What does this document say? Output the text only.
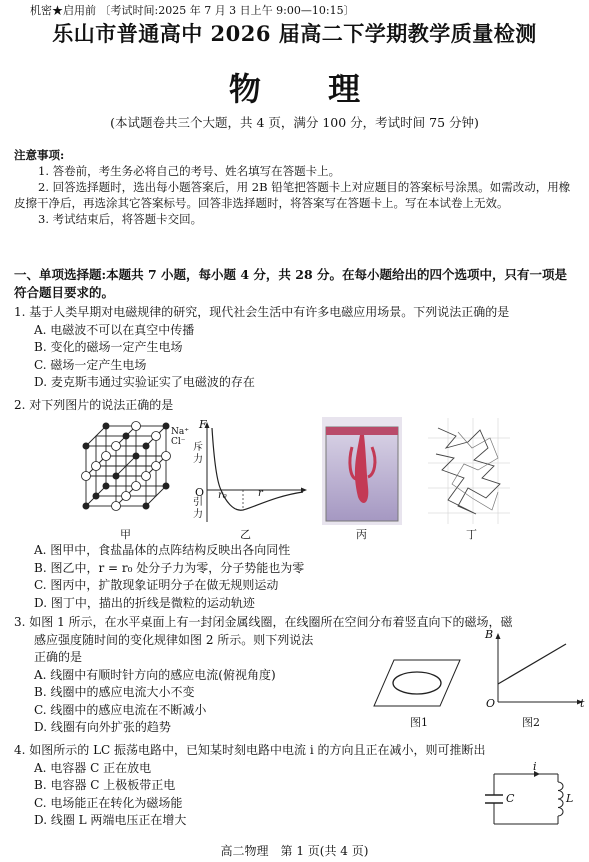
机密★启用前 〔考试时间:2025 年 7 月 3 日上午 9:00—10:15〕
乐山市普通高中 2026 届高二下学期教学质量检测
物 理
(本试题卷共三个大题，共 4 页，满分 100 分，考试时间 75 分钟)
注意事项:
1. 答卷前，考生务必将自己的考号、姓名填写在答题卡上。
2. 回答选择题时，选出每小题答案后，用 2B 铅笔把答题卡上对应题目的答案标号涂黑。如需改动，用橡皮擦干净后，再选涂其它答案标号。回答非选择题时，将答案写在答题卡上。写在本试卷上无效。
3. 考试结束后，将答题卡交回。
一、单项选择题:本题共 7 小题，每小题 4 分，共 28 分。在每小题给出的四个选项中，只有一项是符合题目要求的。
1. 基于人类早期对电磁规律的研究，现代社会生活中有许多电磁应用场景。下列说法正确的是
A. 电磁波不可以在真空中传播
B. 变化的磁场一定产生电场
C. 磁场一定产生电场
D. 麦克斯韦通过实验证实了电磁波的存在
2. 对下列图片的说法正确的是
Na⁺
Cl⁻
F
斥力
O
引力
r₀	r
甲	乙	丙	丁
A. 图甲中，食盐晶体的点阵结构反映出各向同性
B. 图乙中，r = r₀ 处分子力为零，分子势能也为零
C. 图丙中，扩散现象证明分子在做无规则运动
D. 图丁中，描出的折线是微粒的运动轨迹
3. 如图 1 所示，在水平桌面上有一封闭金属线圈，在线圈所在空间分布着竖直向下的磁场，磁
感应强度随时间的变化规律如图 2 所示。则下列说法
正确的是
A. 线圈中有顺时针方向的感应电流(俯视角度)
B. 线圈中的感应电流大小不变
C. 线圈中的感应电流在不断减小
D. 线圈有向外扩张的趋势	图1
B
O	t
图2
4. 如图所示的 LC 振荡电路中，已知某时刻电路中电流 i 的方向且正在减小，则可推断出
A. 电容器 C 正在放电
B. 电容器 C 上极板带正电
C. 电场能正在转化为磁场能
D. 线圈 L 两端电压正在增大
i
C	L
高二物理　第 1 页(共 4 页)
